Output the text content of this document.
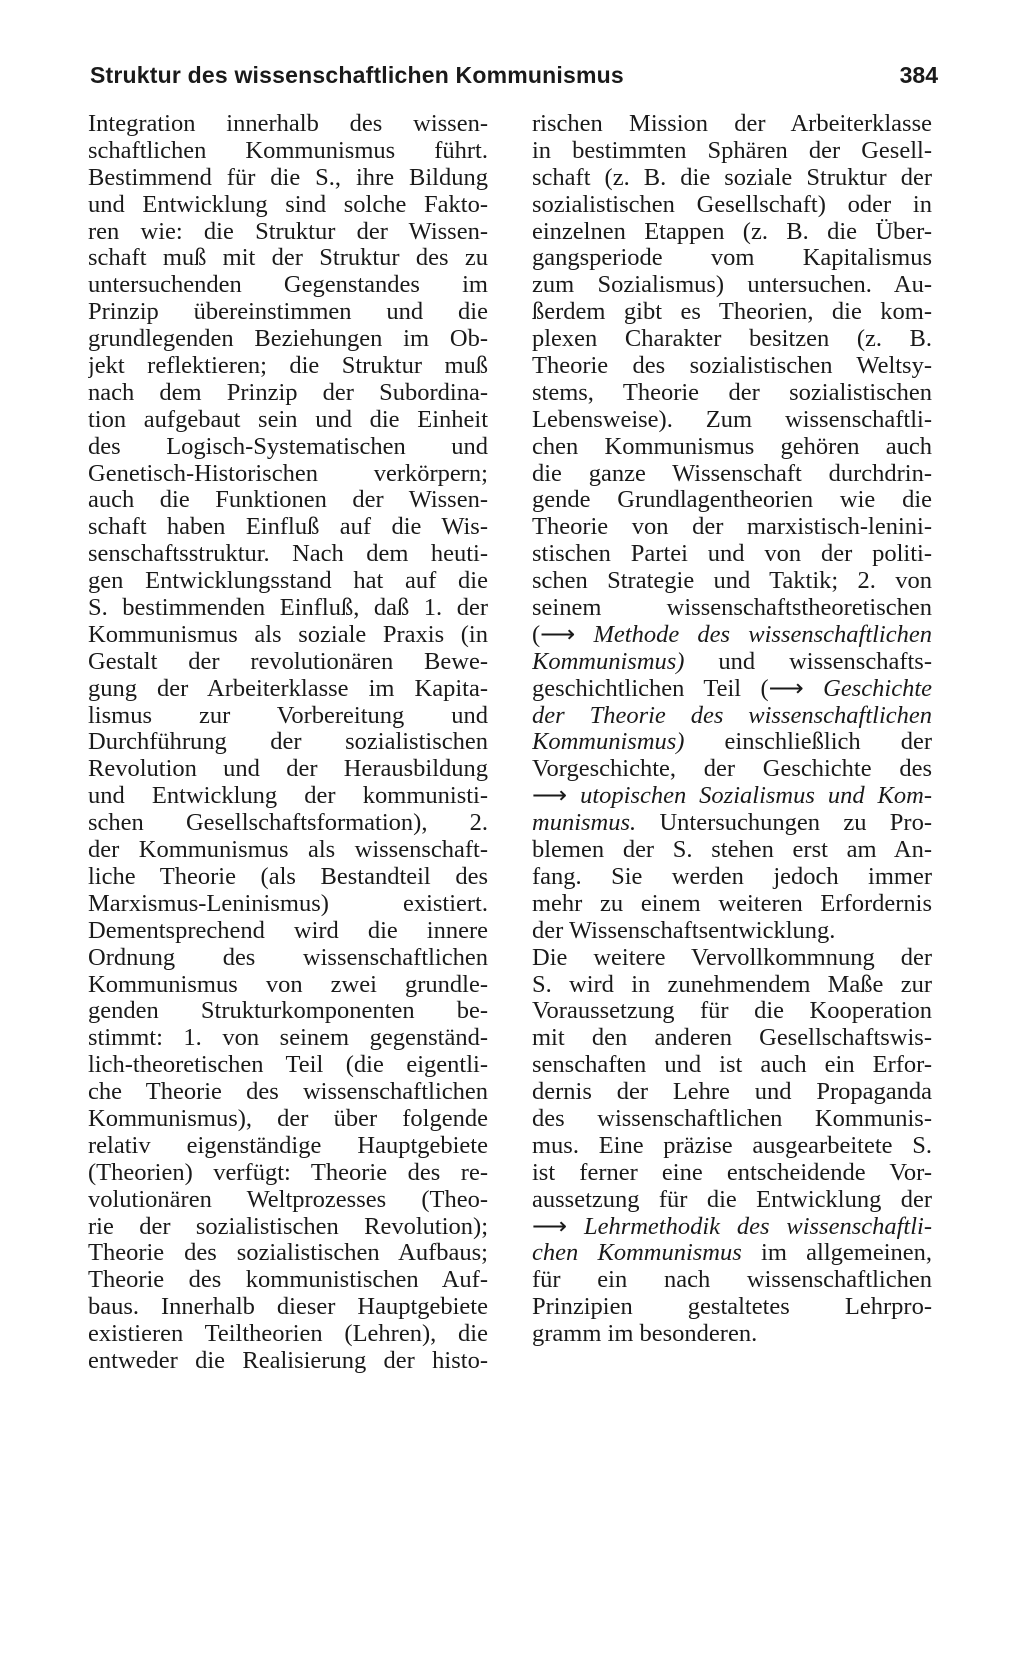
Struktur des wissenschaftlichen Kommunismus	384
Integration innerhalb des wissen-
schaftlichen Kommunismus führt.
Bestimmend für die S., ihre Bildung
und Entwicklung sind solche Fakto-
ren wie: die Struktur der Wissen-
schaft muß mit der Struktur des zu
untersuchenden Gegenstandes im
Prinzip übereinstimmen und die
grundlegenden Beziehungen im Ob-
jekt reflektieren; die Struktur muß
nach dem Prinzip der Subordina-
tion aufgebaut sein und die Einheit
des Logisch-Systematischen und
Genetisch-Historischen verkörpern;
auch die Funktionen der Wissen-
schaft haben Einfluß auf die Wis-
senschaftsstruktur. Nach dem heuti-
gen Entwicklungsstand hat auf die
S. bestimmenden Einfluß, daß 1. der
Kommunismus als soziale Praxis (in
Gestalt der revolutionären Bewe-
gung der Arbeiterklasse im Kapita-
lismus zur Vorbereitung und
Durchführung der sozialistischen
Revolution und der Herausbildung
und Entwicklung der kommunisti-
schen Gesellschaftsformation), 2.
der Kommunismus als wissenschaft-
liche Theorie (als Bestandteil des
Marxismus-Leninismus) existiert.
Dementsprechend wird die innere
Ordnung des wissenschaftlichen
Kommunismus von zwei grundle-
genden Strukturkomponenten be-
stimmt: 1. von seinem gegenständ-
lich-theoretischen Teil (die eigentli-
che Theorie des wissenschaftlichen
Kommunismus), der über folgende
relativ eigenständige Hauptgebiete
(Theorien) verfügt: Theorie des re-
volutionären Weltprozesses (Theo-
rie der sozialistischen Revolution);
Theorie des sozialistischen Aufbaus;
Theorie des kommunistischen Auf-
baus. Innerhalb dieser Hauptgebiete
existieren Teiltheorien (Lehren), die
entweder die Realisierung der histo-
rischen Mission der Arbeiterklasse
in bestimmten Sphären der Gesell-
schaft (z. B. die soziale Struktur der
sozialistischen Gesellschaft) oder in
einzelnen Etappen (z. B. die Über-
gangsperiode vom Kapitalismus
zum Sozialismus) untersuchen. Au-
ßerdem gibt es Theorien, die kom-
plexen Charakter besitzen (z. B.
Theorie des sozialistischen Weltsy-
stems, Theorie der sozialistischen
Lebensweise). Zum wissenschaftli-
chen Kommunismus gehören auch
die ganze Wissenschaft durchdrin-
gende Grundlagentheorien wie die
Theorie von der marxistisch-lenini-
stischen Partei und von der politi-
schen Strategie und Taktik; 2. von
seinem wissenschaftstheoretischen
(⟶ Methode des wissenschaftlichen
Kommunismus) und wissenschafts-
geschichtlichen Teil (⟶ Geschichte
der Theorie des wissenschaftlichen
Kommunismus) einschließlich der
Vorgeschichte, der Geschichte des
⟶ utopischen Sozialismus und Kom-
munismus. Untersuchungen zu Pro-
blemen der S. stehen erst am An-
fang. Sie werden jedoch immer
mehr zu einem weiteren Erfordernis
der Wissenschaftsentwicklung.
Die weitere Vervollkommnung der
S. wird in zunehmendem Maße zur
Voraussetzung für die Kooperation
mit den anderen Gesellschaftswis-
senschaften und ist auch ein Erfor-
dernis der Lehre und Propaganda
des wissenschaftlichen Kommunis-
mus. Eine präzise ausgearbeitete S.
ist ferner eine entscheidende Vor-
aussetzung für die Entwicklung der
⟶ Lehrmethodik des wissenschaftli-
chen Kommunismus im allgemeinen,
für ein nach wissenschaftlichen
Prinzipien gestaltetes Lehrpro-
gramm im besonderen.
